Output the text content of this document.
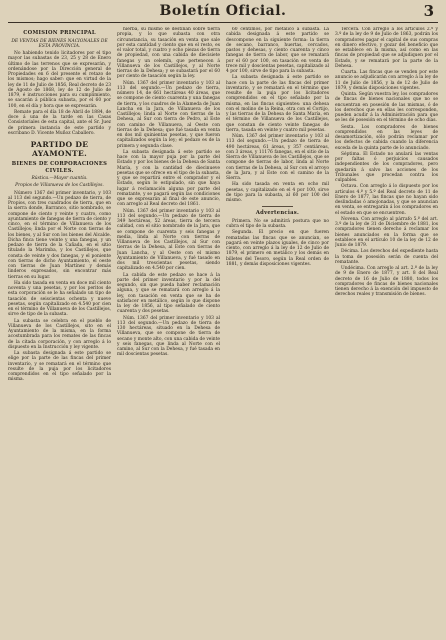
Boletín Oficial.	3

COMISION PRINCIPAL

DE VENTAS DE BIENES NACIONALES DE ESTA PROVINCIA.

No habiendo tenido licitadores por el tipo mayor las subastas de 23, 25 y 28 de Enero último de las terrenos que se expresarán, y ordenándose por la Dirección general de Propiedades en 6 del presente el retazo de los mismos; hago saber: que en virtud de la ley de 11 de Julio de 1856, Real decreto de 23 de Agosto de 1868, ley de 12 de Julio de 1879, é instrucciones para su cumplimiento, se sacarán á pública subasta, por el 60 por 100, en el día y hora que se expresarán.

Remate para el día 18 de Abril de 1884, de doce á una de la tarde en las Casas Consistoriales de esta capital, ante el Sr. Juez de primera instancia de este partido y escribano D. Vicente Muñoz Caballero.

PARTIDO DE AYAMONTE.

BIENES DE CORPORACIONES CIVILES.

Rústica.—Mayor cuantía.

Propios de Villanueva de los Castillejos.

Número 1367 del primer inventario, y 103 al 113 del segundo.—Un pedazo de tierra, de Propios, con tres cuadrados de tierra, que en la sierra donde, Barranco, sitio nombrado, se compone de ciento y veinte y cuatro, como ayuntamiento de fanegas de tierra de ciento y cinco, en el término de Villanueva de los Castillejos; linda por el Norte con tierras de los bienes, y al Sur con los bienes del Alcalde. Dicha finca tiene veinte y una fanegas, y un pedazo de tierra de la Cañada, en el sitio titulado la Marimba, y los Castillejos, que consta de veinte y dos fanegas, y el poniente con tierras de dicho Ayuntamiento, el oeste con tierras de Juan Martínez y demás linderos expresados, sin encontrar más tierras en su lugar.

Ha sido tasada en venta en doce mil ciento noventa y una pesetas, y por los peritos de esta corporación se le ha señalado un tipo de tasación de seiscientas ochenta y nueve pesetas, según capitalizado en 4.540 por cien en el término de Villanueva de los Castillejos, sirve de tipo de la subasta.

La subasta se celebra en el pueblo de Villanueva de los Castillejos, sito en el Ayuntamiento de la misma, en la forma acostumbrada para los remates de las fincas de la citada corporación, y con arreglo á lo dispuesto en la Instrucción y ley vigente.

La subasta designada á este partido se elige por la parte de las fincas del primer inventario, y se rematará en el término que resulte de la puja por los licitadores comprendidos en el tipo señalado por la misma.

hierba, su mismo se destinan sobre tierra propia, y lo que subasta con otra circunstancia, su tasación en venta que sale por esta cantidad y ciento que en el resto, es el valor total, y cuatro y ocho piezas de tierra de propiedad, con una cabida de diecisiete fanegas y un celemín, que pertenecen á Villanueva de los Castillejos, y al Norte tierras de la Dehesa; y se subastará por el 60 por ciento de tasación según la ley.

Núm. 1367 del primer inventario y 103 al 113 del segundo.—Un pedazo de tierra, número 14, de 661 hectáreas 40 áreas, que se compone de ciento cuarenta y una fanegas de tierra, y los cuadros de la Alameda de Juan Lancha en la Jara, de Villanueva de los Castillejos; linda al Norte con tierras de la Dehesa, al Sur con tierra de Pedro, al Este con camino de Villanueva, al Oeste con tierras de la Dehesa; que fué tasada en venta en dos mil quinientas pesetas, y que fueron capitalizados según la ley; el pedazo es de la primera y segunda clase.

La subasta designada á este partido se hace con la mayor puja por la parte del Estado y por los bienes de la Dehesa de Santa María, y con la cantidad de diecinueve pesetas que se ofrece en el tipo de la subasta, y que se repartirá entre el comprador y el Estado, según lo estipulado, sin que haya lugar á reclamación alguna por parte del rematante, y se pagará según las condiciones que se expresarán al final de este anuncio, con arreglo al Real decreto del 1861.

Núm. 1367 del primer inventario y 103 al 113 del segundo.—Un pedazo de tierra de 349 hectáreas, 52 áreas, tierra de tercera calidad, con el sitio nombrado de la Jara, que se compone de cuarenta y seis fanegas y media, linda al Norte con tierras de Villanueva de los Castillejos, al Sur con tierras de la Dehesa, al Este con tierras de Juan Lancha, y al Oeste con el mismo Ayuntamiento de Villanueva, y fué tasado en dos mil trescientas pesetas, siendo capitalizado en 4.540 por cien.

La cabida de este pedazo se hace á la parte del primer inventario y por la del segundo, sin que pueda haber reclamación alguna, y que se rematará con arreglo á la ley, con tasación en venta que se ha de satisfacer en metálico, según lo que dispone la ley de 1856, al tipo señalado de ciento cuarenta y dos pesetas.

Núm. 1367 del primer inventario y 103 al 113 del segundo.—Un pedazo de tierra de 130 hectáreas, situado en la Dehesa de Villanueva, que se compone de tierra de secano y monte alto, con una cabida de veinte y seis fanegas, que linda al Norte con el camino, al Sur con la Dehesa, y fué tasada en mil doscientas pesetas.

60 céntimos, por metálico á subasta. La cabida designada á este partido se descompone en la siguiente forma: la tierra de secano, barranco, huertas, cercados, pastos y dehesas, y ciento cuarenta y cinco fanegas de tierra de labor, que se rematará por el 60 por 100, en tasación en venta de trece mil y doscientas pesetas, capitalizado al 4 por 100, sirve de tipo para la subasta.

La subasta designada á este partido se hace con la parte de las fincas del primer inventario, y se rematará en el término que resulte de la puja por los licitadores comprendidos en el tipo señalado por la misma, en las fincas siguientes: una dehesa con el molino de la Reina, otra con el Cortijo, y las tierras de la Dehesa de Santa María, en el término de Villanueva de los Castillejos, que constan de ciento veinte fanegas de tierra, tasada en veinte y cuatro mil pesetas.

Núm. 1367 del primer inventario y 103 al 113 del segundo.—Un pedazo de tierra de 490 hectáreas, 61 áreas, y 357 centiáreas, con 3 áreas, y 11176 fanegas, en el sitio de la Sierra de Villanueva de los Castillejos, que se compone de tierras de labor, linda al Norte con tierras de la Dehesa, al Sur con el arroyo de la Jara, y al Este con el camino de la Sierra.

Ha sido tasada en venta en ocho mil pesetas, y capitalizado en el 4 por 100, sirve de tipo para la subasta, al 60 por 100 del mismo.

Advertencias.

Primera. No se admitirá postura que no cubra el tipo de la subasta.

Segunda. El precio en que fueren rematadas las fincas que se anuncian, se pagará en veinte plazos iguales, de cinco por ciento, con arreglo á la ley de 12 de Julio de 1879, el primero en metálico y los demás en billetes del Tesoro, según la Real orden de 1881, y demás disposiciones vigentes.

Tercera. Con arreglo á los artículos 2.º y 3.º de la ley de 9 de Julio de 1863, podrán los compradores pagar el capital de sus compras en dinero efectivo, y gozar del beneficio que se establece en la misma, así como en las fincas de propiedad que se adjudiquen por el Estado, y se rematará por la parte de la Dehesa.

Cuarta. Las fincas que se venden por este anuncio se adjudicarán con arreglo á la ley de 11 de Julio de 1856, y la de 12 de Julio de 1879, y demás disposiciones vigentes.

Quinta. Según vuestra ley, los compradores de fincas de bienes nacionales que no se encuentran en posesión de las mismas, ó de los derechos que en ellas les corresponden, pueden acudir á la Administración para que se les dé posesión en el término de ocho días.

Sexta. Los compradores de bienes comprendidos en las leyes de desamortización, sólo podrán reclamar por los defectos de cabida cuando la diferencia exceda de la quinta parte de lo anunciado.

Séptima. El Estado no anulará las ventas por faltas ó perjuicios causados independientes de los compradores, pero quedarán á salvo las acciones de los Tribunales que procedan contra los culpables.

Octava. Con arreglo á lo dispuesto por los artículos 4.º y 5.º del Real decreto de 11 de Enero de 1877, las fincas que no hayan sido deslindadas ó amojonadas, y que se anuncian en venta, se entregarán á los compradores en el estado en que se encuentren.

Novena. Con arreglo al párrafo 5.º del art. 3.º de la ley de 31 de Diciembre de 1881, los compradores tienen derecho á reclamar los bienes anunciados en la forma que se establece en el artículo 10 de la ley de 12 de Junio de 1879.

Décima. Los derechos del expediente hasta la toma de posesión serán de cuenta del rematante.

Undécima. Con arreglo al art. 2.º de la ley de 9 de Enero de 1877, y art. 8 del Real decreto de 16 de Julio de 1880, todos los compradores de fincas de bienes nacionales tienen derecho á la exención del impuesto de derechos reales y transmisión de bienes.
